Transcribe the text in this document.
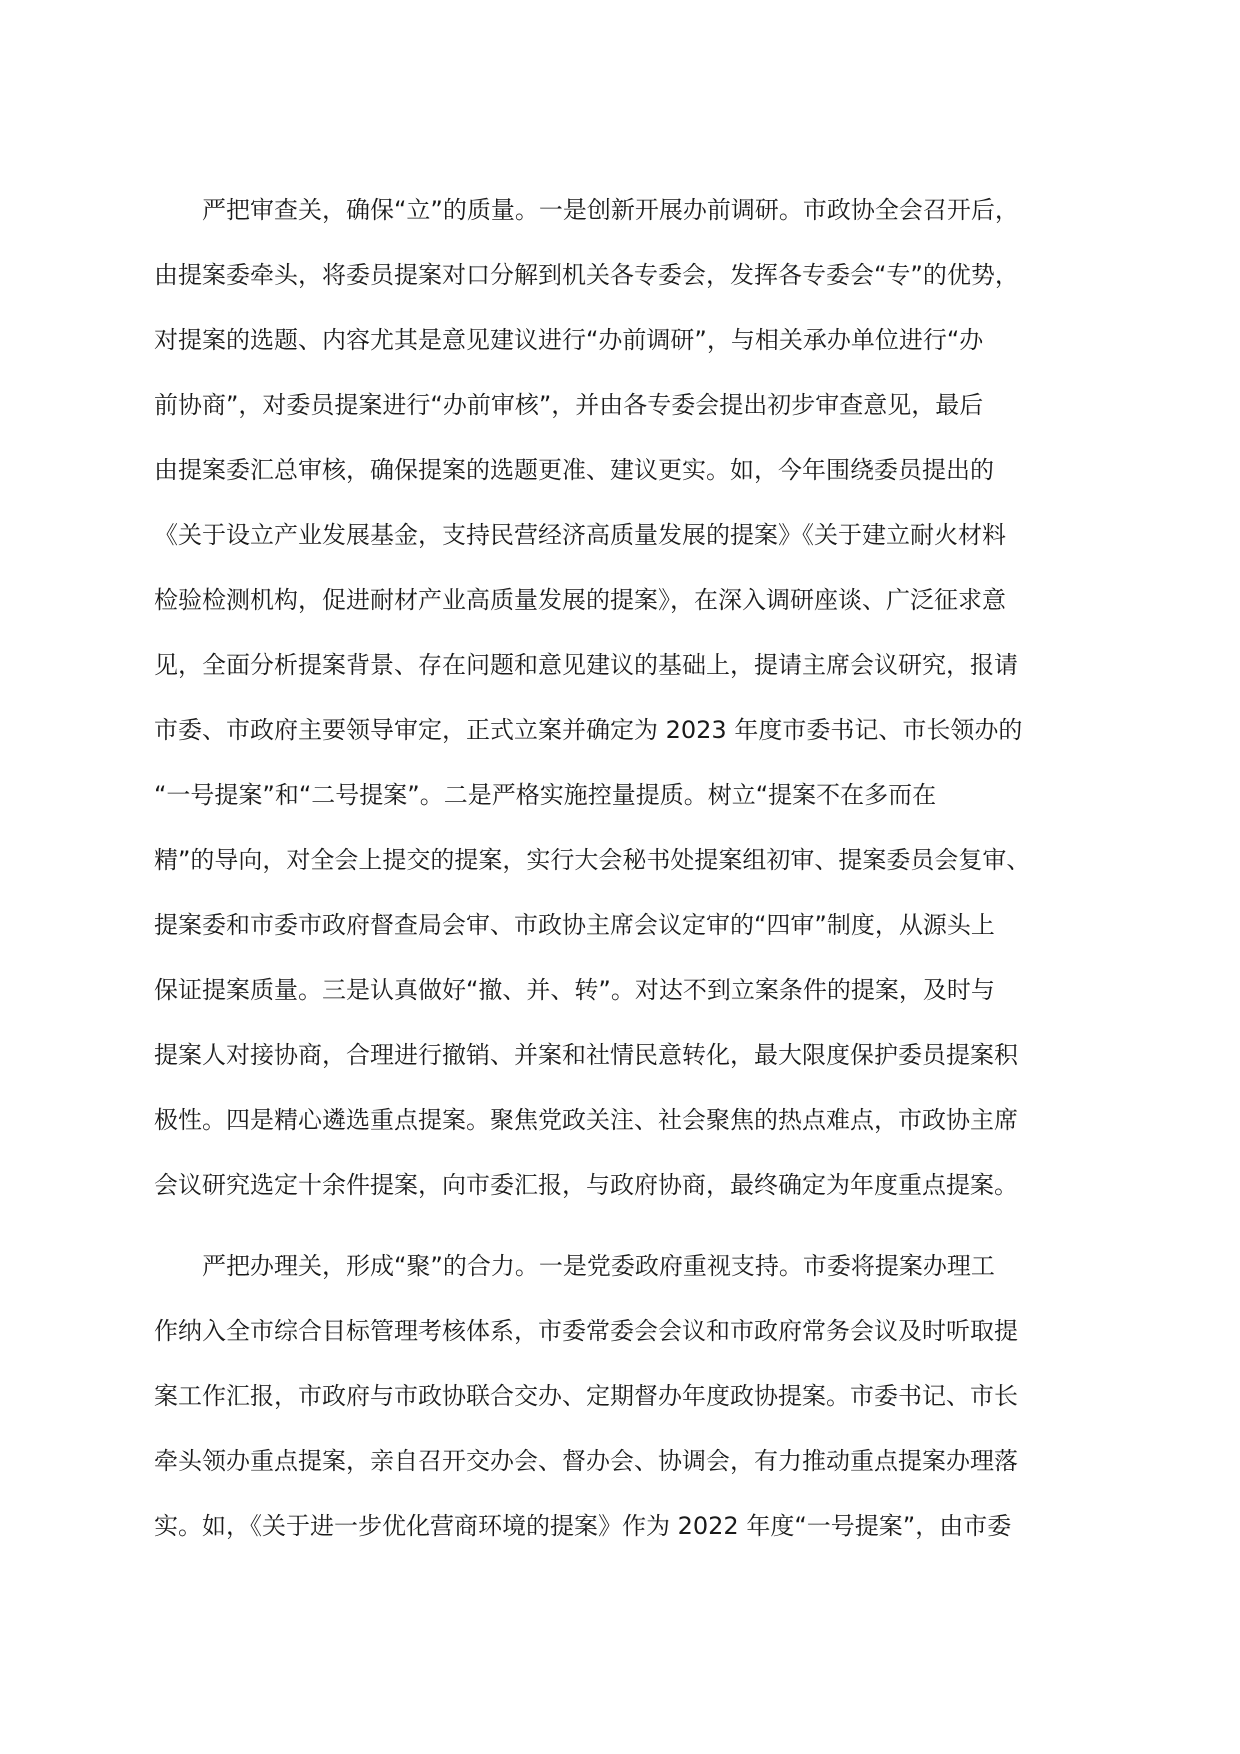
　　严把审查关，确保“立”的质量。一是创新开展办前调研。市政协全会召开后，
由提案委牵头，将委员提案对口分解到机关各专委会，发挥各专委会“专”的优势，
对提案的选题、内容尤其是意见建议进行“办前调研”，与相关承办单位进行“办
前协商”，对委员提案进行“办前审核”，并由各专委会提出初步审查意见，最后
由提案委汇总审核，确保提案的选题更准、建议更实。如，今年围绕委员提出的
《关于设立产业发展基金，支持民营经济高质量发展的提案》《关于建立耐火材料
检验检测机构，促进耐材产业高质量发展的提案》，在深入调研座谈、广泛征求意
见，全面分析提案背景、存在问题和意见建议的基础上，提请主席会议研究，报请
市委、市政府主要领导审定，正式立案并确定为 2023 年度市委书记、市长领办的
“一号提案”和“二号提案”。二是严格实施控量提质。树立“提案不在多而在
精”的导向，对全会上提交的提案，实行大会秘书处提案组初审、提案委员会复审、
提案委和市委市政府督查局会审、市政协主席会议定审的“四审”制度，从源头上
保证提案质量。三是认真做好“撤、并、转”。对达不到立案条件的提案，及时与
提案人对接协商，合理进行撤销、并案和社情民意转化，最大限度保护委员提案积
极性。四是精心遴选重点提案。聚焦党政关注、社会聚焦的热点难点，市政协主席
会议研究选定十余件提案，向市委汇报，与政府协商，最终确定为年度重点提案。
　　严把办理关，形成“聚”的合力。一是党委政府重视支持。市委将提案办理工
作纳入全市综合目标管理考核体系，市委常委会会议和市政府常务会议及时听取提
案工作汇报，市政府与市政协联合交办、定期督办年度政协提案。市委书记、市长
牵头领办重点提案，亲自召开交办会、督办会、协调会，有力推动重点提案办理落
实。如，《关于进一步优化营商环境的提案》作为 2022 年度“一号提案”，由市委
